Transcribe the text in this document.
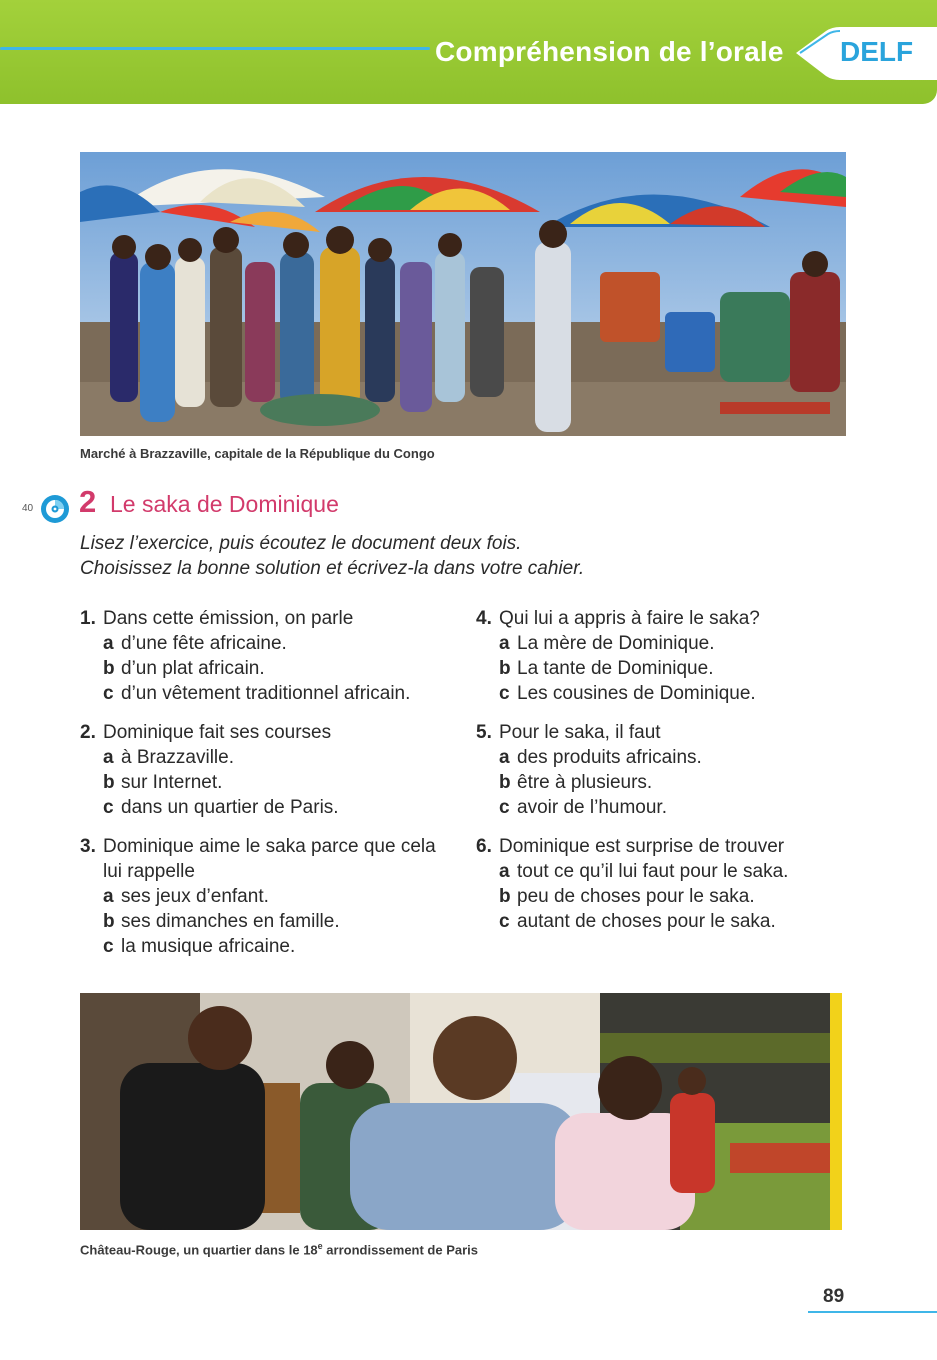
Compréhension de l’orale DELF
Marché à Brazzaville, capitale de la République du Congo
40 2 Le saka de Dominique
Lisez l’exercice, puis écoutez le document deux fois.
Choisissez la bonne solution et écrivez-la dans votre cahier.
1. Dans cette émission, on parle
a d’une fête africaine.
b d’un plat africain.
c d’un vêtement traditionnel africain.
2. Dominique fait ses courses
a à Brazzaville.
b sur Internet.
c dans un quartier de Paris.
3. Dominique aime le saka parce que cela lui rappelle
a ses jeux d’enfant.
b ses dimanches en famille.
c la musique africaine.
4. Qui lui a appris à faire le saka?
a La mère de Dominique.
b La tante de Dominique.
c Les cousines de Dominique.
5. Pour le saka, il faut
a des produits africains.
b être à plusieurs.
c avoir de l’humour.
6. Dominique est surprise de trouver
a tout ce qu’il lui faut pour le saka.
b peu de choses pour le saka.
c autant de choses pour le saka.
Château-Rouge, un quartier dans le 18e arrondissement de Paris
89
